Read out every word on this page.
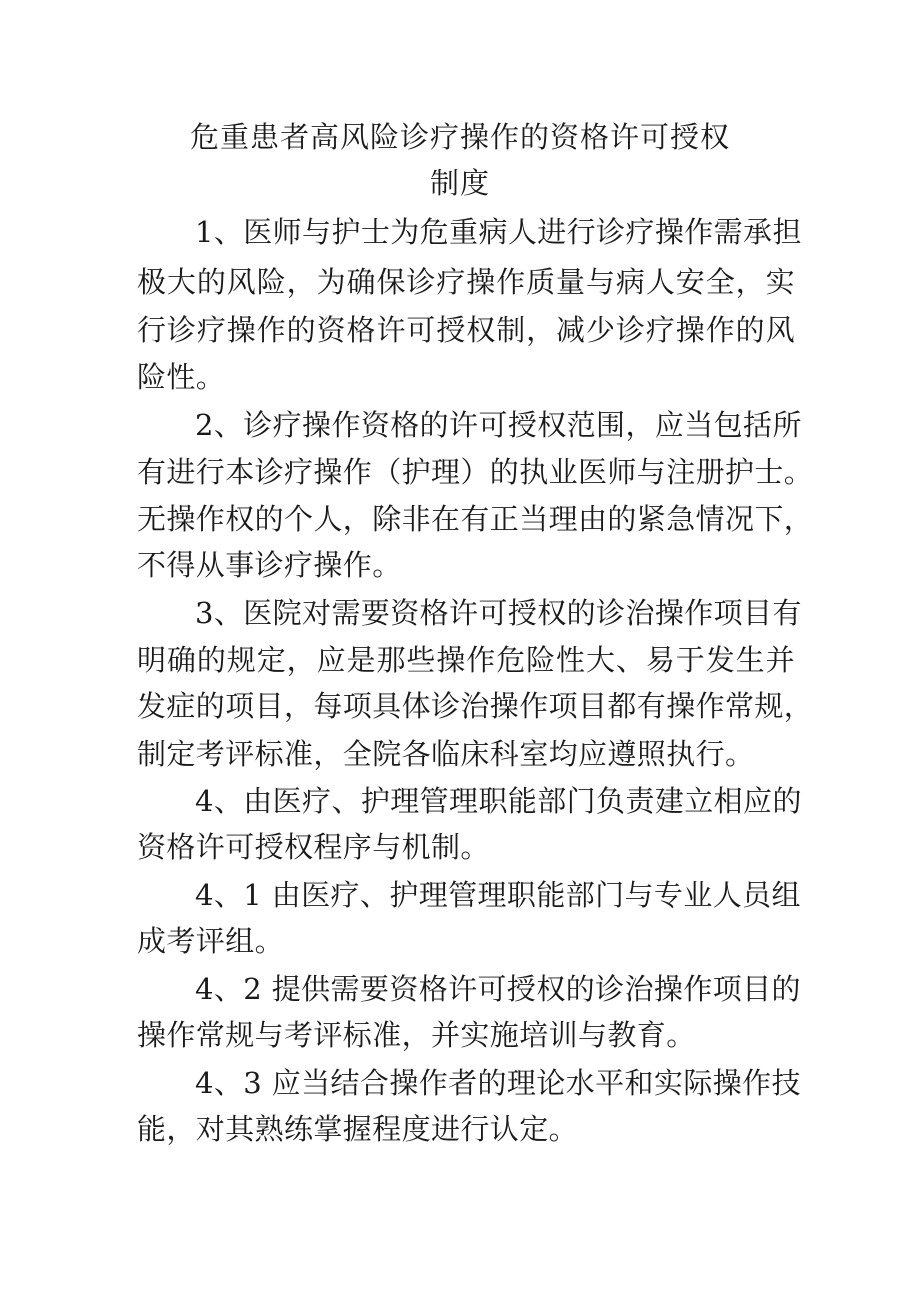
危重患者高风险诊疗操作的资格许可授权
制度
1、医师与护士为危重病人进行诊疗操作需承担
极大的风险，为确保诊疗操作质量与病人安全，实
行诊疗操作的资格许可授权制，减少诊疗操作的风
险性。
2、诊疗操作资格的许可授权范围，应当包括所
有进行本诊疗操作（护理）的执业医师与注册护士。
无操作权的个人，除非在有正当理由的紧急情况下，
不得从事诊疗操作。
3、医院对需要资格许可授权的诊治操作项目有
明确的规定，应是那些操作危险性大、易于发生并
发症的项目，每项具体诊治操作项目都有操作常规，
制定考评标准，全院各临床科室均应遵照执行。
4、由医疗、护理管理职能部门负责建立相应的
资格许可授权程序与机制。
4、1 由医疗、护理管理职能部门与专业人员组
成考评组。
4、2 提供需要资格许可授权的诊治操作项目的
操作常规与考评标准，并实施培训与教育。
4、3 应当结合操作者的理论水平和实际操作技
能，对其熟练掌握程度进行认定。
